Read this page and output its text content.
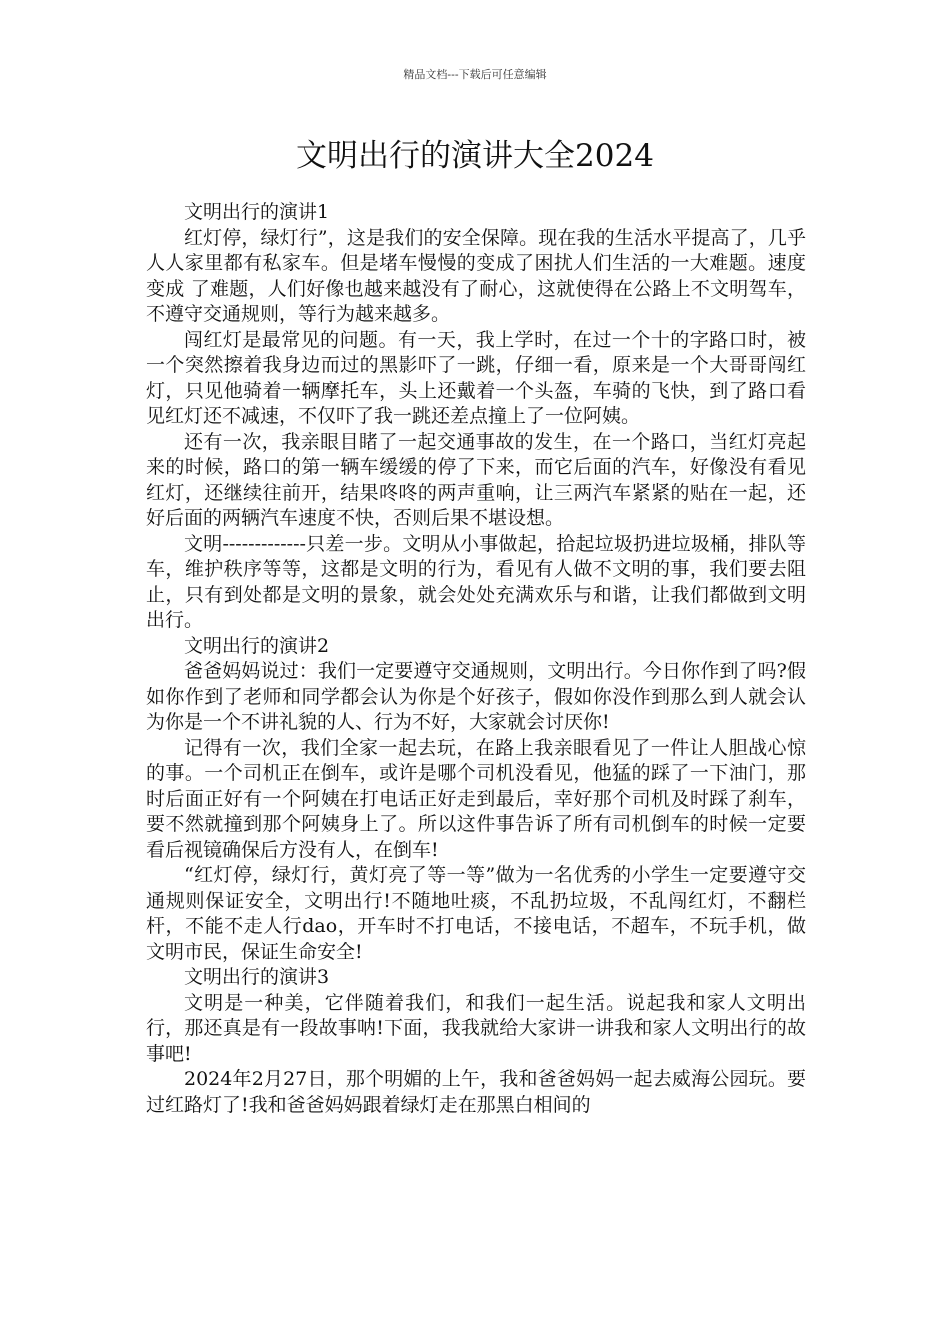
精品文档---下载后可任意编辑
文明出行的演讲大全2024

文明出行的演讲1

红灯停，绿灯行”，这是我们的安全保障。现在我的生活水平提高了，几乎人人家里都有私家车。但是堵车慢慢的变成了困扰人们生活的一大难题。速度变成 了难题，人们好像也越来越没有了耐心，这就使得在公路上不文明驾车，不遵守交通规则，等行为越来越多。

闯红灯是最常见的问题。有一天，我上学时，在过一个十的字路口时，被一个突然擦着我身边而过的黑影吓了一跳，仔细一看，原来是一个大哥哥闯红灯，只见他骑着一辆摩托车，头上还戴着一个头盔，车骑的飞快，到了路口看见红灯还不减速，不仅吓了我一跳还差点撞上了一位阿姨。

还有一次，我亲眼目睹了一起交通事故的发生，在一个路口，当红灯亮起来的时候，路口的第一辆车缓缓的停了下来，而它后面的汽车，好像没有看见红灯，还继续往前开，结果咚咚的两声重响，让三两汽车紧紧的贴在一起，还好后面的两辆汽车速度不快，否则后果不堪设想。

文明-------------只差一步。文明从小事做起，拾起垃圾扔进垃圾桶，排队等车，维护秩序等等，这都是文明的行为，看见有人做不文明的事，我们要去阻止，只有到处都是文明的景象，就会处处充满欢乐与和谐，让我们都做到文明出行。

文明出行的演讲2

爸爸妈妈说过：我们一定要遵守交通规则，文明出行。今日你作到了吗?假如你作到了老师和同学都会认为你是个好孩子，假如你没作到那么到人就会认为你是一个不讲礼貌的人、行为不好，大家就会讨厌你!

记得有一次，我们全家一起去玩，在路上我亲眼看见了一件让人胆战心惊的事。一个司机正在倒车，或许是哪个司机没看见，他猛的踩了一下油门，那时后面正好有一个阿姨在打电话正好走到最后，幸好那个司机及时踩了刹车，要不然就撞到那个阿姨身上了。所以这件事告诉了所有司机倒车的时候一定要看后视镜确保后方没有人，在倒车!

“红灯停，绿灯行，黄灯亮了等一等”做为一名优秀的小学生一定要遵守交通规则保证安全，文明出行!不随地吐痰，不乱扔垃圾，不乱闯红灯，不翻栏杆，不能不走人行dao，开车时不打电话，不接电话，不超车，不玩手机，做文明市民，保证生命安全!

文明出行的演讲3

文明是一种美，它伴随着我们，和我们一起生活。说起我和家人文明出行，那还真是有一段故事呐!下面，我我就给大家讲一讲我和家人文明出行的故事吧!

2024年2月27日，那个明媚的上午，我和爸爸妈妈一起去威海公园玩。要过红路灯了!我和爸爸妈妈跟着绿灯走在那黑白相间的
